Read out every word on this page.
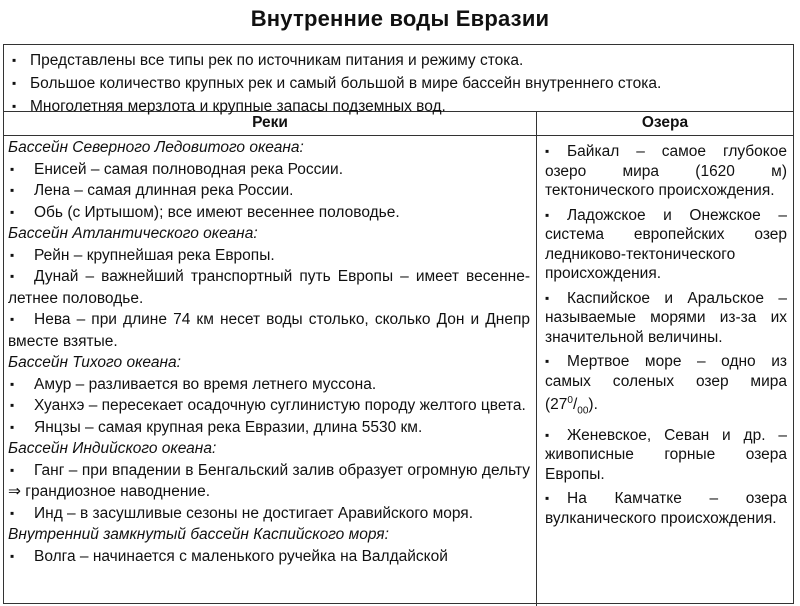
Внутренние воды Евразии
▪ Представлены все типы рек по источникам питания и режиму стока.
▪ Большое количество крупных рек и самый большой в мире бассейн внутреннего стока.
▪ Многолетняя мерзлота и крупные запасы подземных вод.
Реки	Озера
Бассейн Северного Ледовитого океана:
▪ Енисей – самая полноводная река России.
▪ Лена – самая длинная река России.
▪ Обь (с Иртышом); все имеют весеннее половодье.
Бассейн Атлантического океана:
▪ Рейн – крупнейшая река Европы.
▪ Дунай – важнейший транспортный путь Европы – имеет весенне-летнее половодье.
▪ Нева – при длине 74 км несет воды столько, сколько Дон и Днепр вместе взятые.
Бассейн Тихого океана:
▪ Амур – разливается во время летнего муссона.
▪ Хуанхэ – пересекает осадочную суглинистую породу желтого цвета.
▪ Янцзы – самая крупная река Евразии, длина 5530 км.
Бассейн Индийского океана:
▪ Ганг – при впадении в Бенгальский залив образует огромную дельту ⇒ грандиозное наводнение.
▪ Инд – в засушливые сезоны не достигает Аравийского моря.
Внутренний замкнутый бассейн Каспийского моря:
▪ Волга – начинается с маленького ручейка на Валдайской
▪ Байкал – самое глубокое озеро мира (1620 м) тектонического происхождения.
▪ Ладожское и Онежское – система европейских озер ледниково-тектонического происхождения.
▪ Каспийское и Аральское – называемые морями из-за их значительной величины.
▪ Мертвое море – одно из самых соленых озер мира $(27^0/_{00})$.
▪ Женевское, Севан и др. – живописные горные озера Европы.
▪ На Камчатке – озера вулканического происхождения.
